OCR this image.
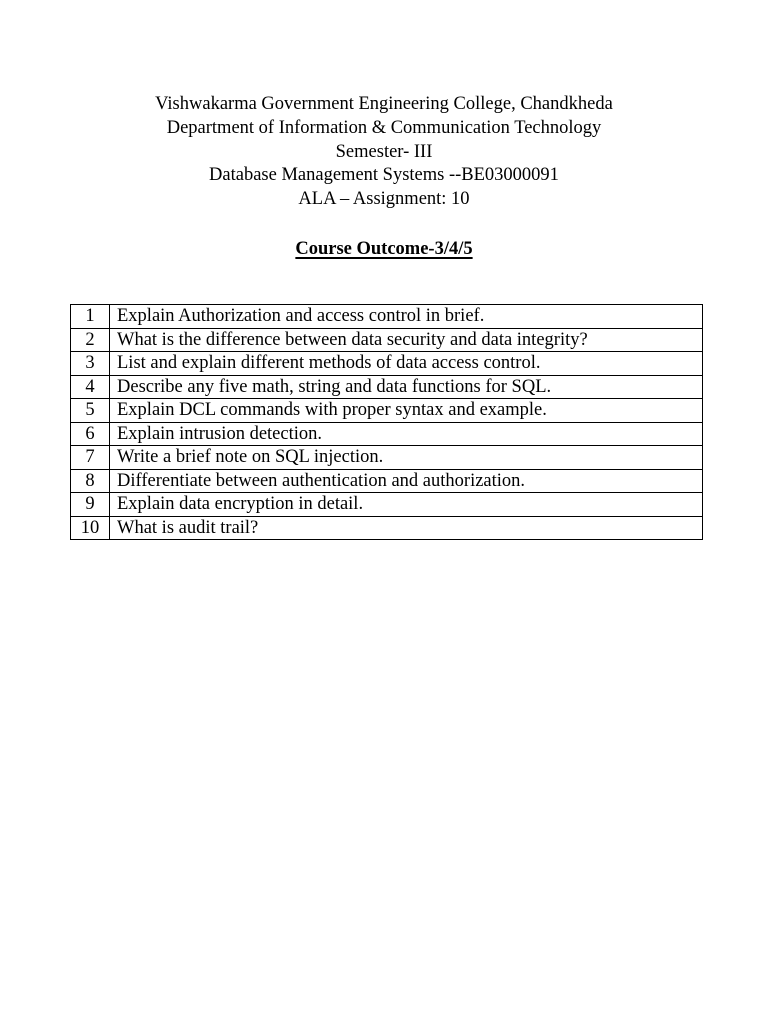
Vishwakarma Government Engineering College, Chandkheda
Department of Information & Communication Technology
Semester- III
Database Management Systems --BE03000091
ALA – Assignment: 10
Course Outcome-3/4/5
1	Explain Authorization and access control in brief.
2	What is the difference between data security and data integrity?
3	List and explain different methods of data access control.
4	Describe any five math, string and data functions for SQL.
5	Explain DCL commands with proper syntax and example.
6	Explain intrusion detection.
7	Write a brief note on SQL injection.
8	Differentiate between authentication and authorization.
9	Explain data encryption in detail.
10	What is audit trail?
